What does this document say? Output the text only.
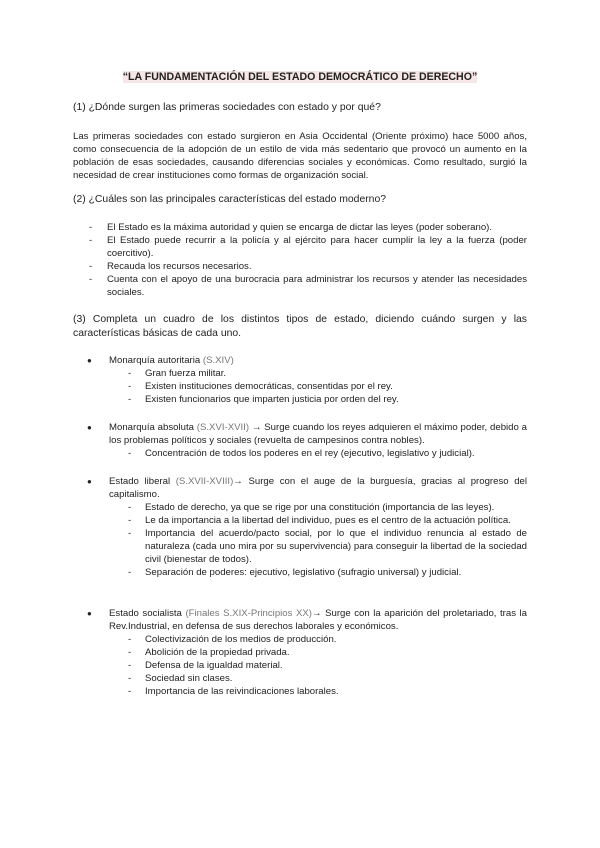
“LA FUNDAMENTACIÓN DEL ESTADO DEMOCRÁTICO DE DERECHO”
(1) ¿Dónde surgen las primeras sociedades con estado y por qué?
Las primeras sociedades con estado surgieron en Asia Occidental (Oriente próximo) hace 5000 años, como consecuencia de la adopción de un estilo de vida más sedentario que provocó un aumento en la población de esas sociedades, causando diferencias sociales y económicas. Como resultado, surgió la necesidad de crear instituciones como formas de organización social.
(2) ¿Cuáles son las principales características del estado moderno?
- El Estado es la máxima autoridad y quien se encarga de dictar las leyes (poder soberano).
- El Estado puede recurrir a la policía y al ejército para hacer cumplir la ley a la fuerza (poder coercitivo).
- Recauda los recursos necesarios.
- Cuenta con el apoyo de una burocracia para administrar los recursos y atender las necesidades sociales.
(3) Completa un cuadro de los distintos tipos de estado, diciendo cuándo surgen y las características básicas de cada uno.
● Monarquía autoritaria (S.XIV)
- Gran fuerza militar.
- Existen instituciones democráticas, consentidas por el rey.
- Existen funcionarios que imparten justicia por orden del rey.
● Monarquía absoluta (S.XVI-XVII) → Surge cuando los reyes adquieren el máximo poder, debido a los problemas políticos y sociales (revuelta de campesinos contra nobles).
- Concentración de todos los poderes en el rey (ejecutivo, legislativo y judicial).
● Estado liberal (S.XVII-XVIII)→ Surge con el auge de la burguesía, gracias al progreso del capitalismo.
- Estado de derecho, ya que se rige por una constitución (importancia de las leyes).
- Le da importancia a la libertad del individuo, pues es el centro de la actuación política.
- Importancia del acuerdo/pacto social, por lo que el individuo renuncia al estado de naturaleza (cada uno mira por su supervivencia) para conseguir la libertad de la sociedad civil (bienestar de todos).
- Separación de poderes: ejecutivo, legislativo (sufragio universal) y judicial.
● Estado socialista (Finales S.XIX-Principios XX)→ Surge con la aparición del proletariado, tras la Rev.Industrial, en defensa de sus derechos laborales y económicos.
- Colectivización de los medios de producción.
- Abolición de la propiedad privada.
- Defensa de la igualdad material.
- Sociedad sin clases.
- Importancia de las reivindicaciones laborales.
